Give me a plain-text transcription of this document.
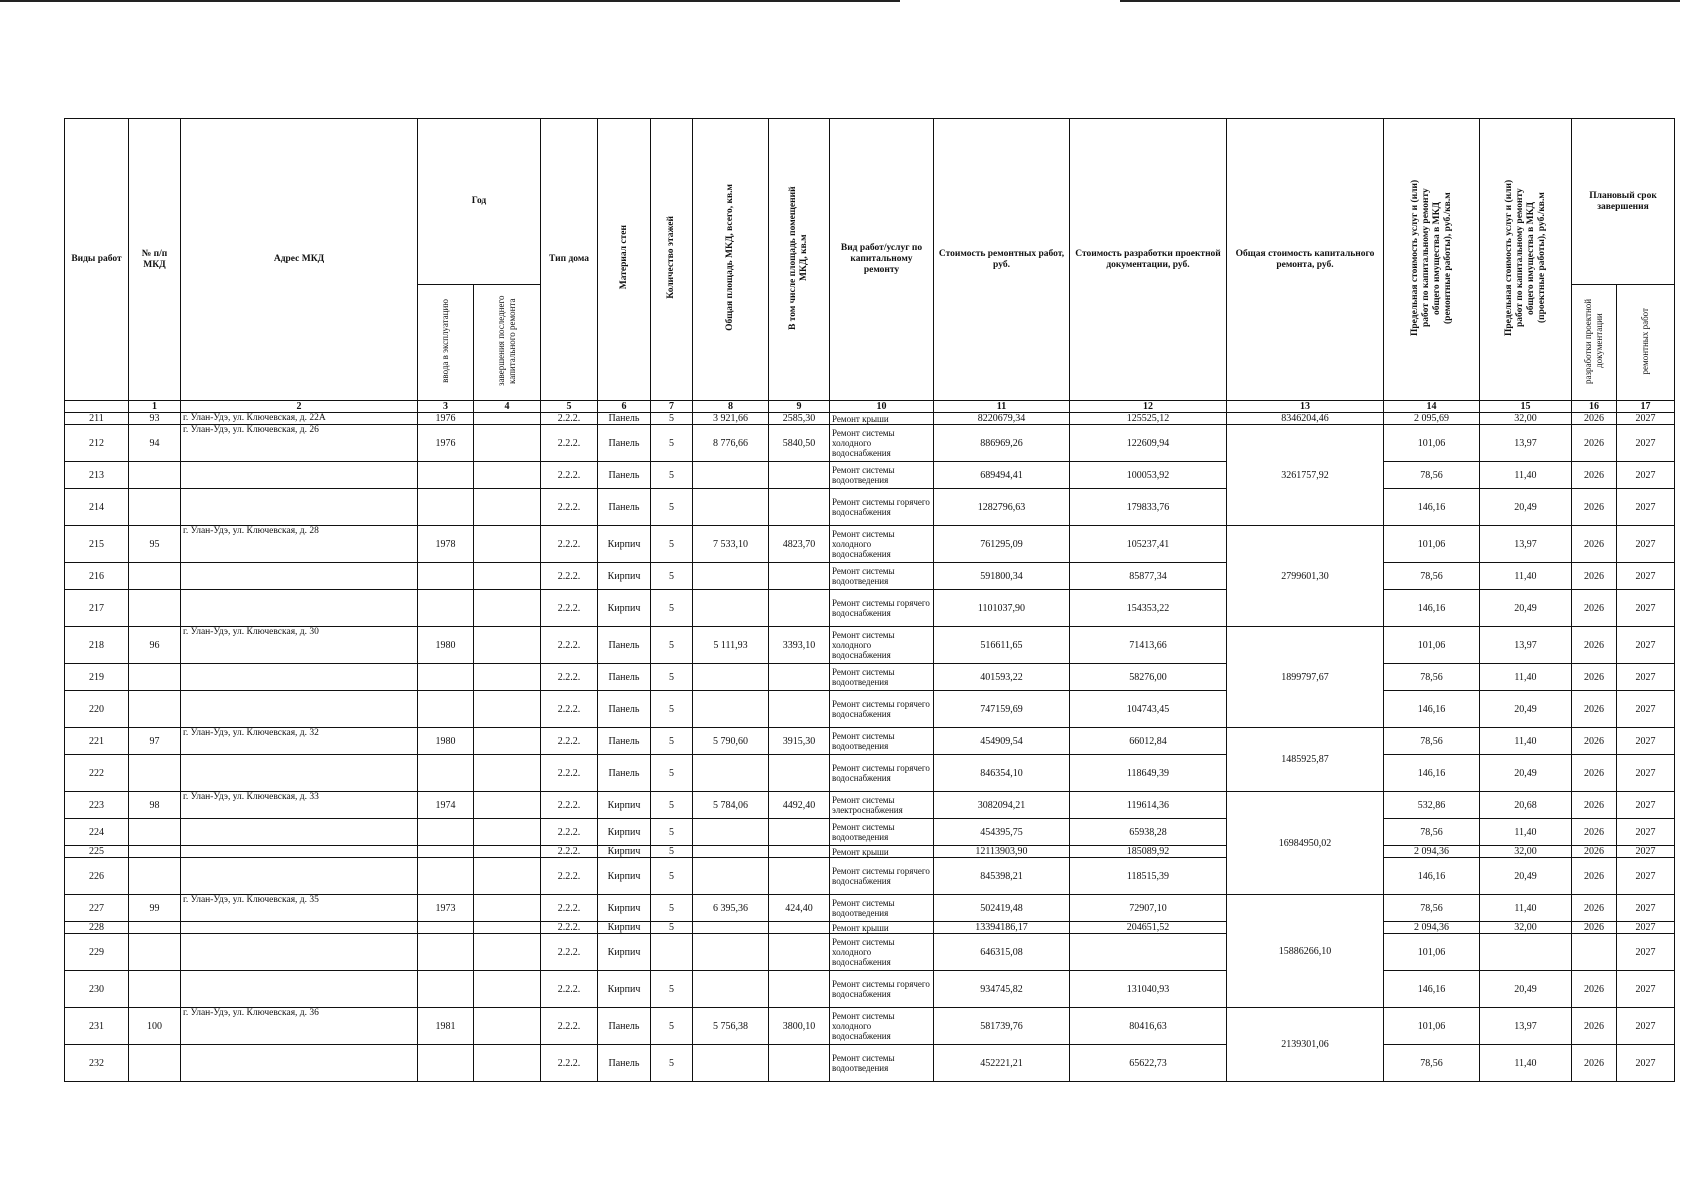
Виды работ	№ п/п МКД	Адрес МКД	Год		Тип дома	Материал стен	Количество этажей	Общая площадь МКД, всего, кв.м	В том числе площадь помещений МКД, кв.м	Вид работ/услуг по капитальному ремонту	Стоимость ремонтных работ, руб.	Стоимость разработки проектной документации, руб.	Общая стоимость капитального ремонта, руб.	Предельная стоимость услуг и (или) работ по капитальному ремонту общего имущества в МКД (ремонтные работы), руб./кв.м	Предельная стоимость услуг и (или) работ по капитальному ремонту общего имущества в МКД (проектные работы), руб./кв.м	Плановый срок завершения	
			ввода в эксплуатацию	завершения последнего капитального ремонта												разработки проектной документации	ремонтных работ
	1	2	3	4	5	6	7	8	9	10	11	12	13	14	15	16	17
211	93	г. Улан-Удэ, ул. Ключевская, д. 22А	1976		2.2.2.	Панель	5	3 921,66	2585,30	Ремонт крыши	8220679,34	125525,12	8346204,46	2 095,69	32,00	2026	2027
212	94	г. Улан-Удэ, ул. Ключевская, д. 26	1976		2.2.2.	Панель	5	8 776,66	5840,50	Ремонт системы холодного водоснабжения	886969,26	122609,94	3261757,92	101,06	13,97	2026	2027
213					2.2.2.	Панель	5			Ремонт системы водоотведения	689494,41	100053,92		78,56	11,40	2026	2027
214					2.2.2.	Панель	5			Ремонт системы горячего водоснабжения	1282796,63	179833,76		146,16	20,49	2026	2027
215	95	г. Улан-Удэ, ул. Ключевская, д. 28	1978		2.2.2.	Кирпич	5	7 533,10	4823,70	Ремонт системы холодного водоснабжения	761295,09	105237,41	2799601,30	101,06	13,97	2026	2027
216					2.2.2.	Кирпич	5			Ремонт системы водоотведения	591800,34	85877,34		78,56	11,40	2026	2027
217					2.2.2.	Кирпич	5			Ремонт системы горячего водоснабжения	1101037,90	154353,22		146,16	20,49	2026	2027
218	96	г. Улан-Удэ, ул. Ключевская, д. 30	1980		2.2.2.	Панель	5	5 111,93	3393,10	Ремонт системы холодного водоснабжения	516611,65	71413,66	1899797,67	101,06	13,97	2026	2027
219					2.2.2.	Панель	5			Ремонт системы водоотведения	401593,22	58276,00		78,56	11,40	2026	2027
220					2.2.2.	Панель	5			Ремонт системы горячего водоснабжения	747159,69	104743,45		146,16	20,49	2026	2027
221	97	г. Улан-Удэ, ул. Ключевская, д. 32	1980		2.2.2.	Панель	5	5 790,60	3915,30	Ремонт системы водоотведения	454909,54	66012,84	1485925,87	78,56	11,40	2026	2027
222					2.2.2.	Панель	5			Ремонт системы горячего водоснабжения	846354,10	118649,39		146,16	20,49	2026	2027
223	98	г. Улан-Удэ, ул. Ключевская, д. 33	1974		2.2.2.	Кирпич	5	5 784,06	4492,40	Ремонт системы электроснабжения	3082094,21	119614,36	16984950,02	532,86	20,68	2026	2027
224					2.2.2.	Кирпич	5			Ремонт системы водоотведения	454395,75	65938,28		78,56	11,40	2026	2027
225					2.2.2.	Кирпич	5			Ремонт крыши	12113903,90	185089,92		2 094,36	32,00	2026	2027
226					2.2.2.	Кирпич	5			Ремонт системы горячего водоснабжения	845398,21	118515,39		146,16	20,49	2026	2027
227	99	г. Улан-Удэ, ул. Ключевская, д. 35	1973		2.2.2.	Кирпич	5	6 395,36	424,40	Ремонт системы водоотведения	502419,48	72907,10	15886266,10	78,56	11,40	2026	2027
228					2.2.2.	Кирпич	5			Ремонт крыши	13394186,17	204651,52		2 094,36	32,00	2026	2027
229					2.2.2.	Кирпич				Ремонт системы холодного водоснабжения	646315,08			101,06			2027
230					2.2.2.	Кирпич	5			Ремонт системы горячего водоснабжения	934745,82	131040,93		146,16	20,49	2026	2027
231	100	г. Улан-Удэ, ул. Ключевская, д. 36	1981		2.2.2.	Панель	5	5 756,38	3800,10	Ремонт системы холодного водоснабжения	581739,76	80416,63	2139301,06	101,06	13,97	2026	2027
232					2.2.2.	Панель	5			Ремонт системы водоотведения	452221,21	65622,73		78,56	11,40	2026	2027
